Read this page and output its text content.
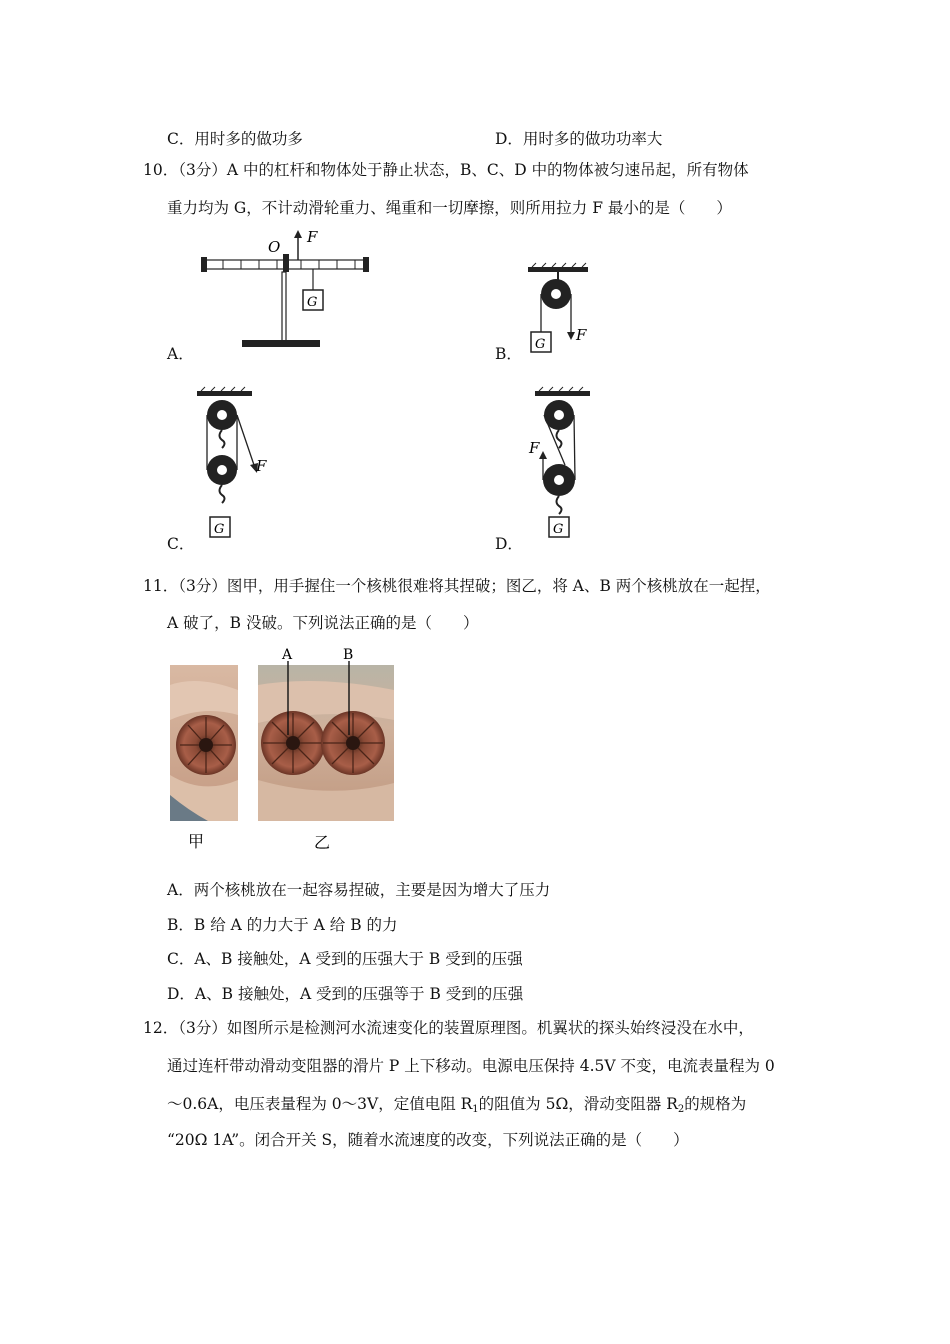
C．用时多的做功多	D．用时多的做功功率大
10．（3分）A 中的杠杆和物体处于静止状态，B、C、D 中的物体被匀速吊起，所有物体
重力均为 G，不计动滑轮重力、绳重和一切摩擦，则所用拉力 F 最小的是（　　）
F
O
G
A．
G
F
B．
G
F
C．
G
F
D．
11．（3分）图甲，用手握住一个核桃很难将其捏破；图乙，将 A、B 两个核桃放在一起捏，
A 破了，B 没破。下列说法正确的是（　　）
A	B
甲	乙
A．两个核桃放在一起容易捏破，主要是因为增大了压力
B．B 给 A 的力大于 A 给 B 的力
C．A、B 接触处，A 受到的压强大于 B 受到的压强
D．A、B 接触处，A 受到的压强等于 B 受到的压强
12．（3分）如图所示是检测河水流速变化的装置原理图。机翼状的探头始终浸没在水中，
通过连杆带动滑动变阻器的滑片 P 上下移动。电源电压保持 4.5V 不变，电流表量程为 0
～0.6A，电压表量程为 0～3V，定值电阻 $R_1$的阻值为 5Ω，滑动变阻器 $R_2$的规格为
“20Ω 1A”。闭合开关 S，随着水流速度的改变，下列说法正确的是（　　）
